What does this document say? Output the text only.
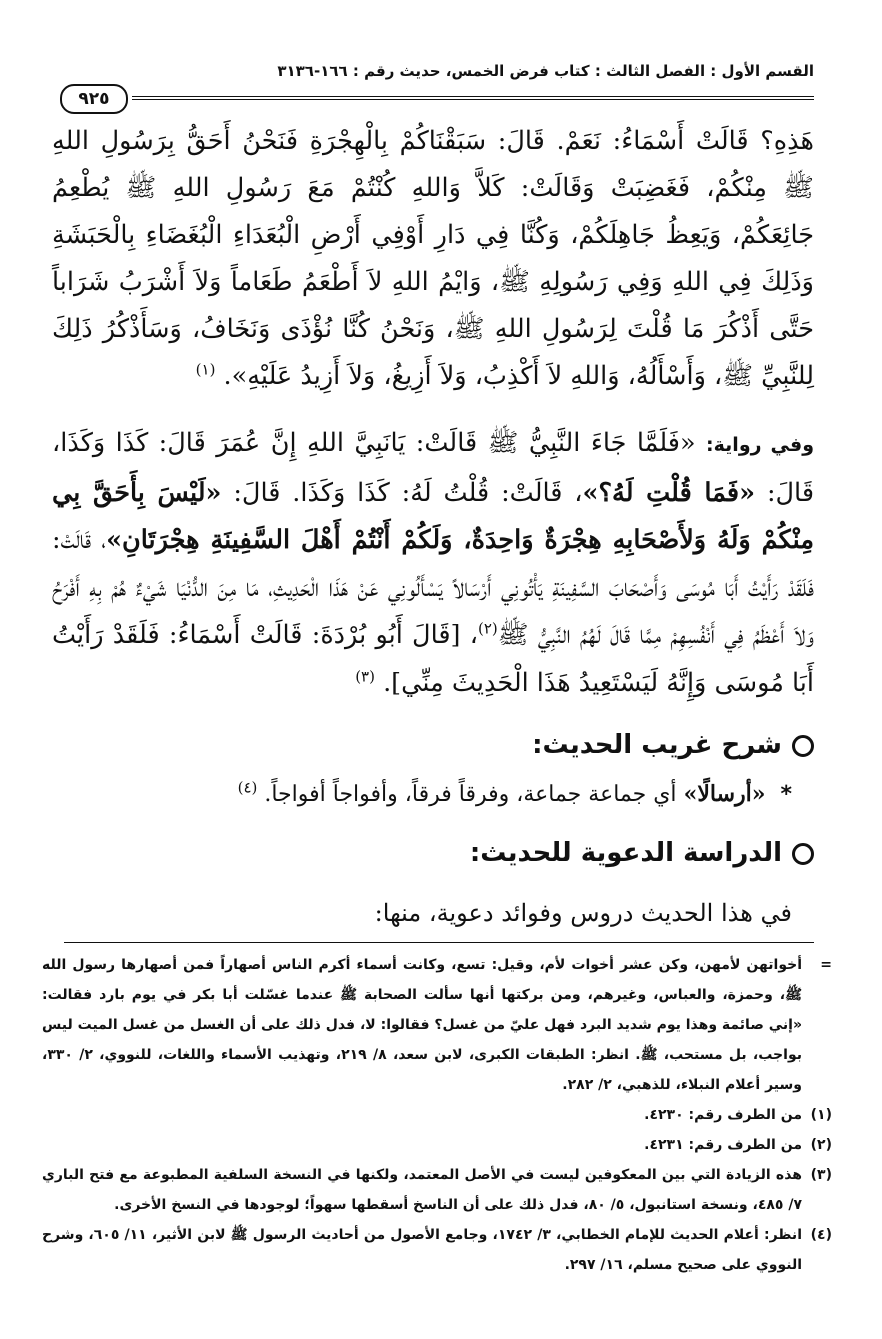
القسم الأول : الفصل الثالث : كتاب فرض الخمس، حديث رقم : ١٦٦-٣١٣٦
٩٢٥
هَذِهِ؟ قَالَتْ أَسْمَاءُ: نَعَمْ. قَالَ: سَبَقْنَاكُمْ بِالْهِجْرَةِ فَنَحْنُ أَحَقُّ بِرَسُولِ اللهِ ﷺ مِنْكُمْ، فَغَضِبَتْ وَقَالَتْ: كَلاَّ وَاللهِ كُنْتُمْ مَعَ رَسُولِ اللهِ ﷺ يُطْعِمُ جَائِعَكُمْ، وَيَعِظُ جَاهِلَكُمْ، وَكُنَّا فِي دَارِ أَوْفِي أَرْضِ الْبُعَدَاءِ الْبُغَضَاءِ بِالْحَبَشَةِ وَذَلِكَ فِي اللهِ وَفِي رَسُولِهِ ﷺ، وَايْمُ اللهِ لاَ أَطْعَمُ طَعَاماً وَلاَ أَشْرَبُ شَرَاباً حَتَّى أَذْكُرَ مَا قُلْتَ لِرَسُولِ اللهِ ﷺ، وَنَحْنُ كُنَّا نُؤْذَى وَنَخَافُ، وَسَأَذْكُرُ ذَلِكَ لِلنَّبِيِّ ﷺ، وَأَسْأَلُهُ، وَاللهِ لاَ أَكْذِبُ، وَلاَ أَزِيغُ، وَلاَ أَزِيدُ عَلَيْهِ». $^{(١)}$
وفي رواية: «فَلَمَّا جَاءَ النَّبِيُّ ﷺ قَالَتْ: يَانَبِيَّ اللهِ إِنَّ عُمَرَ قَالَ: كَذَا وَكَذَا، قَالَ: «فَمَا قُلْتِ لَهُ؟»، قَالَتْ: قُلْتُ لَهُ: كَذَا وَكَذَا. قَالَ: «لَيْسَ بِأَحَقَّ بِي مِنْكُمْ وَلَهُ وَلأَصْحَابِهِ هِجْرَةٌ وَاحِدَةٌ، وَلَكُمْ أَنْتُمْ أَهْلَ السَّفِينَةِ هِجْرَتَانِ»، قَالَتْ: فَلَقَدْ رَأَيْتُ أَبَا مُوسَى وَأَصْحَابَ السَّفِينَةِ يَأْتُونِي أَرْسَالاً يَسْأَلُونِي عَنْ هَذَا الْحَدِيثِ، مَا مِنَ الدُّنْيَا شَيْءٌ هُمْ بِهِ أَفْرَحُ وَلاَ أَعْظَمُ فِي أَنْفُسِهِمْ مِمَّا قَالَ لَهُمُ النَّبِيُّ ﷺ$^{(٢)}$، [قَالَ أَبُو بُرْدَةَ: قَالَتْ أَسْمَاءُ: فَلَقَدْ رَأَيْتُ أَبَا مُوسَى وَإِنَّهُ لَيَسْتَعِيدُ هَذَا الْحَدِيثَ مِنِّي]. $^{(٣)}$
شرح غريب الحديث:
* «أرسالًا» أي جماعة جماعة، وفرقاً فرقاً، وأفواجاً أفواجاً. $^{(٤)}$
الدراسة الدعوية للحديث:
في هذا الحديث دروس وفوائد دعوية، منها:
=
أخواتهن لأمهن، وكن عشر أخوات لأم، وقيل: تسع، وكانت أسماء أكرم الناس أصهاراً فمن أصهارها رسول الله ﷺ، وحمزة، والعباس، وغيرهم، ومن بركتها أنها سألت الصحابة ﷺ عندما غسّلت أبا بكر في يوم بارد فقالت: «إني صائمة وهذا يوم شديد البرد فهل عليّ من غسل؟ فقالوا: لا، فدل ذلك على أن الغسل من غسل الميت ليس بواجب، بل مستحب، ﷺ. انظر: الطبقات الكبرى، لابن سعد، ٨/ ٢١٩، وتهذيب الأسماء واللغات، للنووي، ٢/ ٣٣٠، وسير أعلام النبلاء، للذهبي، ٢/ ٢٨٢.
(١)
من الطرف رقم: ٤٢٣٠.
(٢)
من الطرف رقم: ٤٢٣١.
(٣)
هذه الزيادة التي بين المعكوفين ليست في الأصل المعتمد، ولكنها في النسخة السلفية المطبوعة مع فتح الباري ٧/ ٤٨٥، ونسخة استانبول، ٥/ ٨٠، فدل ذلك على أن الناسخ أسقطها سهواً؛ لوجودها في النسخ الأخرى.
(٤)
انظر: أعلام الحديث للإمام الخطابي، ٣/ ١٧٤٢، وجامع الأصول من أحاديث الرسول ﷺ لابن الأثير، ١١/ ٦٠٥، وشرح النووي على صحيح مسلم، ١٦/ ٢٩٧.
